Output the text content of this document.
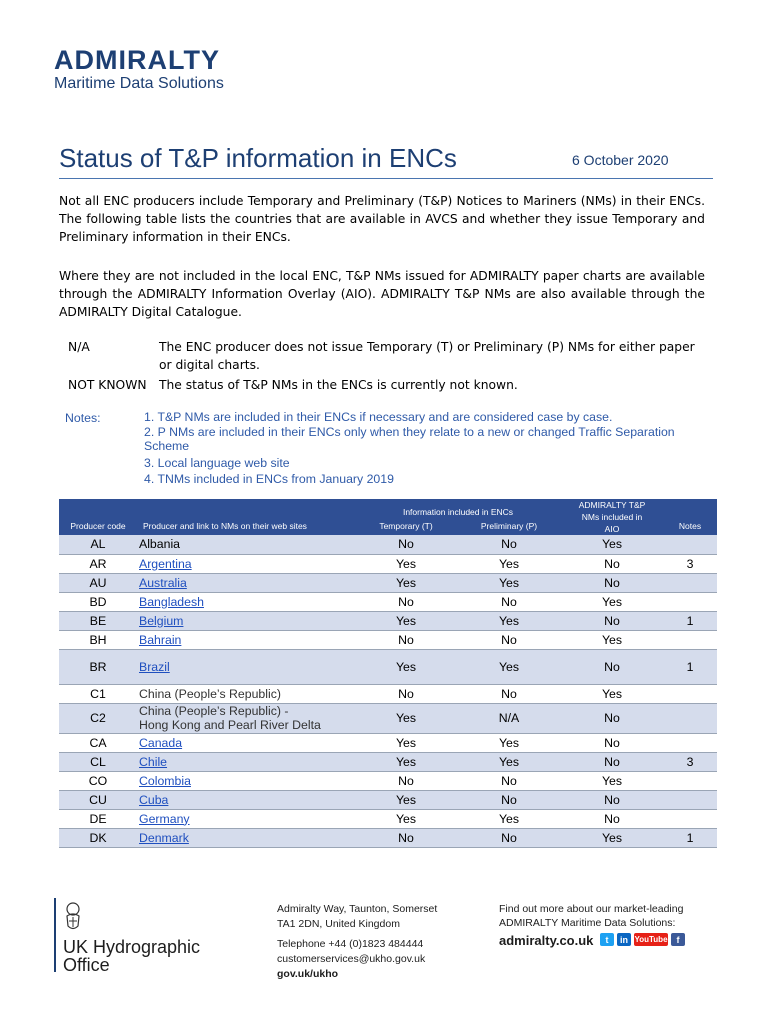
ADMIRALTY
Maritime Data Solutions
Status of T&P information in ENCs	6 October 2020
Not all ENC producers include Temporary and Preliminary (T&P) Notices to Mariners (NMs) in their ENCs. The following table lists the countries that are available in AVCS and whether they issue Temporary and Preliminary information in their ENCs.
Where they are not included in the local ENC, T&P NMs issued for ADMIRALTY paper charts are available through the ADMIRALTY Information Overlay (AIO). ADMIRALTY T&P NMs are also available through the ADMIRALTY Digital Catalogue.
N/A	The ENC producer does not issue Temporary (T) or Preliminary (P) NMs for either paper or digital charts.
NOT KNOWN	The status of T&P NMs in the ENCs is currently not known.
Notes:	1. T&P NMs are included in their ENCs if necessary and are considered case by case.
2. P NMs are included in their ENCs only when they relate to a new or changed Traffic Separation Scheme
3. Local language web site
4. TNMs included in ENCs from January 2019
Producer code	Producer and link to NMs on their web sites	Information included in ENCs		ADMIRALTY T&P NMs included in AIO	Notes
		Temporary (T)	Preliminary (P)		
AL	Albania	No	No	Yes	
AR	Argentina	Yes	Yes	No	3
AU	Australia	Yes	Yes	No	
BD	Bangladesh	No	No	Yes	
BE	Belgium	Yes	Yes	No	1
BH	Bahrain	No	No	Yes	
BR	Brazil	Yes	Yes	No	1
C1	China (People’s Republic)	No	No	Yes	
C2	China (People’s Republic) -
Hong Kong and Pearl River Delta	Yes	N/A	No	
CA	Canada	Yes	Yes	No	
CL	Chile	Yes	Yes	No	3
CO	Colombia	No	No	Yes	
CU	Cuba	Yes	No	No	
DE	Germany	Yes	Yes	No	
DK	Denmark	No	No	Yes	1
UK Hydrographic
Office
Admiralty Way, Taunton, Somerset
TA1 2DN, United Kingdom
Telephone +44 (0)1823 484444
customerservices@ukho.gov.uk
gov.uk/ukho
Find out more about our market-leading
ADMIRALTY Maritime Data Solutions:
admiralty.co.uk	t	in YouTube f
